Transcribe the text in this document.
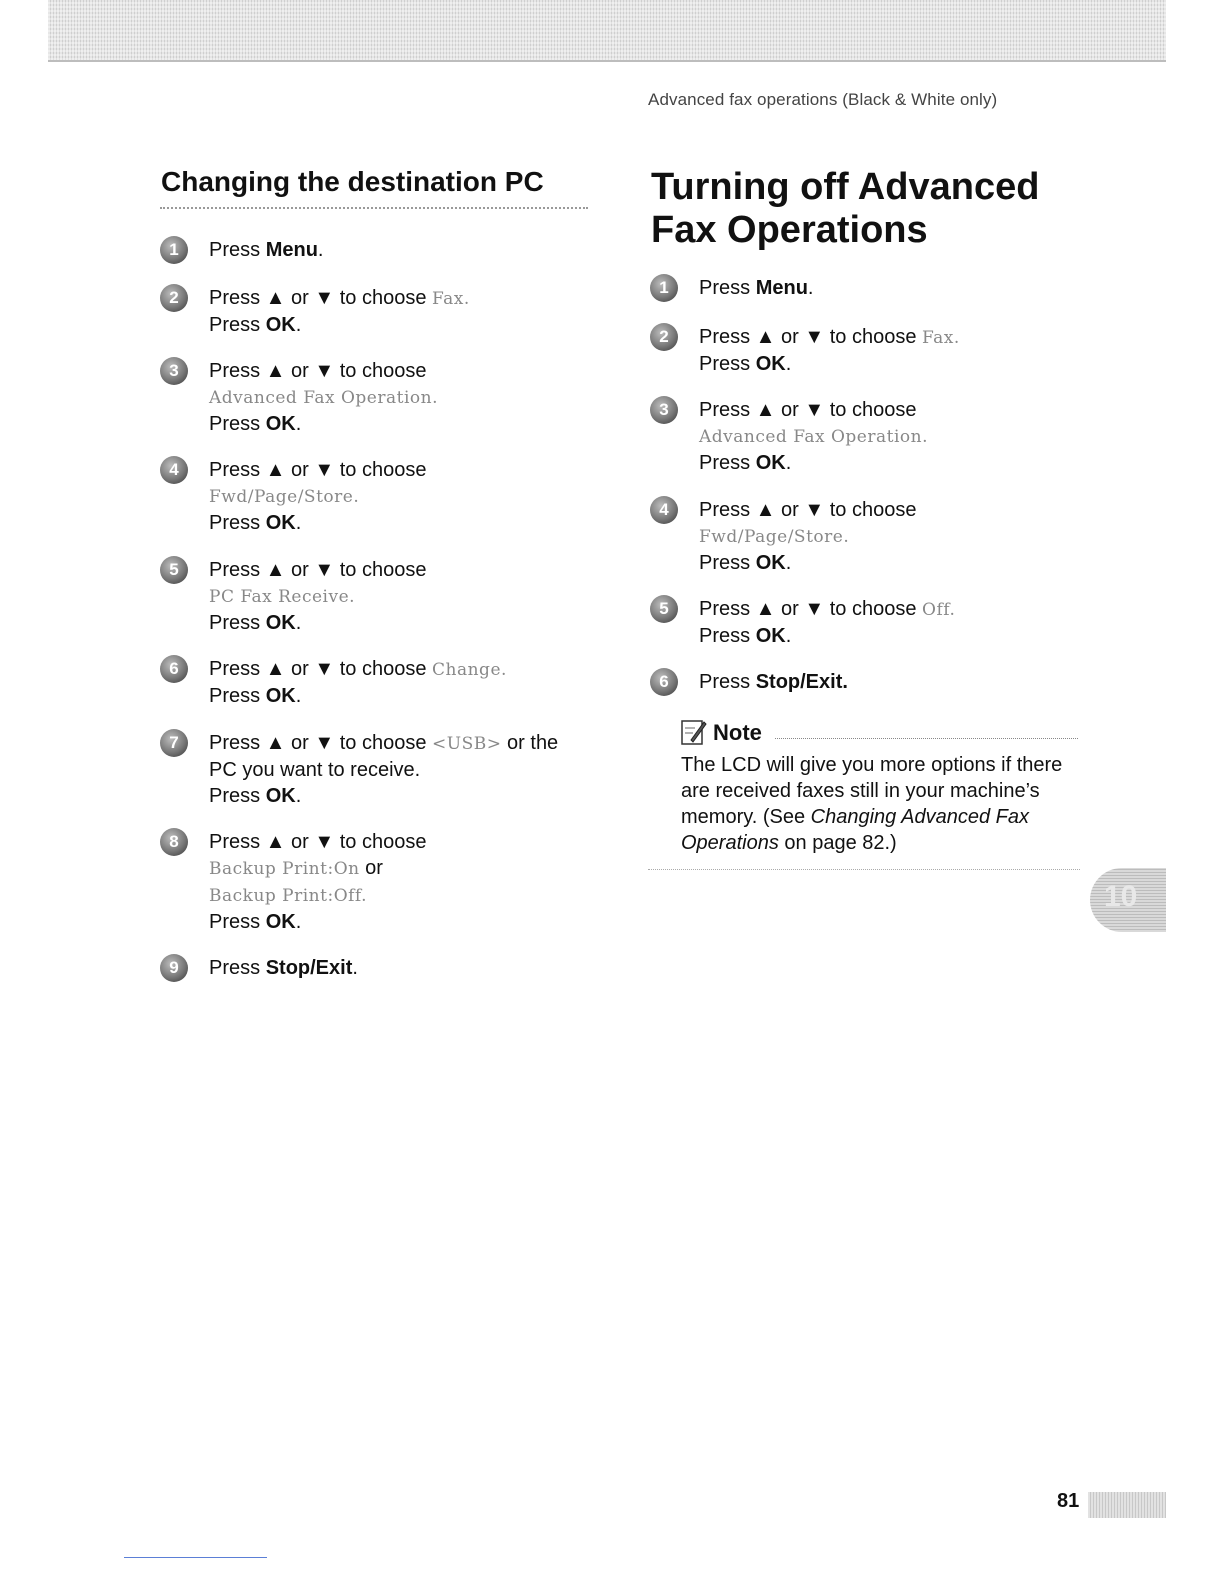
Advanced fax operations (Black & White only)
Changing the destination PC	Turning off Advanced
Fax Operations
1	Press Menu.
2	Press ▲ or ▼ to choose Fax.
Press OK.
3	Press ▲ or ▼ to choose
Advanced Fax Operation.
Press OK.
4	Press ▲ or ▼ to choose
Fwd/Page/Store.
Press OK.
5	Press ▲ or ▼ to choose
PC Fax Receive.
Press OK.
6	Press ▲ or ▼ to choose Change.
Press OK.
7	Press ▲ or ▼ to choose <USB> or the
PC you want to receive.
Press OK.
8	Press ▲ or ▼ to choose
Backup Print:On or
Backup Print:Off.
Press OK.
9	Press Stop/Exit.
1	Press Menu.
2	Press ▲ or ▼ to choose Fax.
Press OK.
3	Press ▲ or ▼ to choose
Advanced Fax Operation.
Press OK.
4	Press ▲ or ▼ to choose
Fwd/Page/Store.
Press OK.
5	Press ▲ or ▼ to choose Off.
Press OK.
6	Press Stop/Exit.
Note
The LCD will give you more options if there are received faxes still in your machine’s memory. (See Changing Advanced Fax Operations on page 82.)
10
81
